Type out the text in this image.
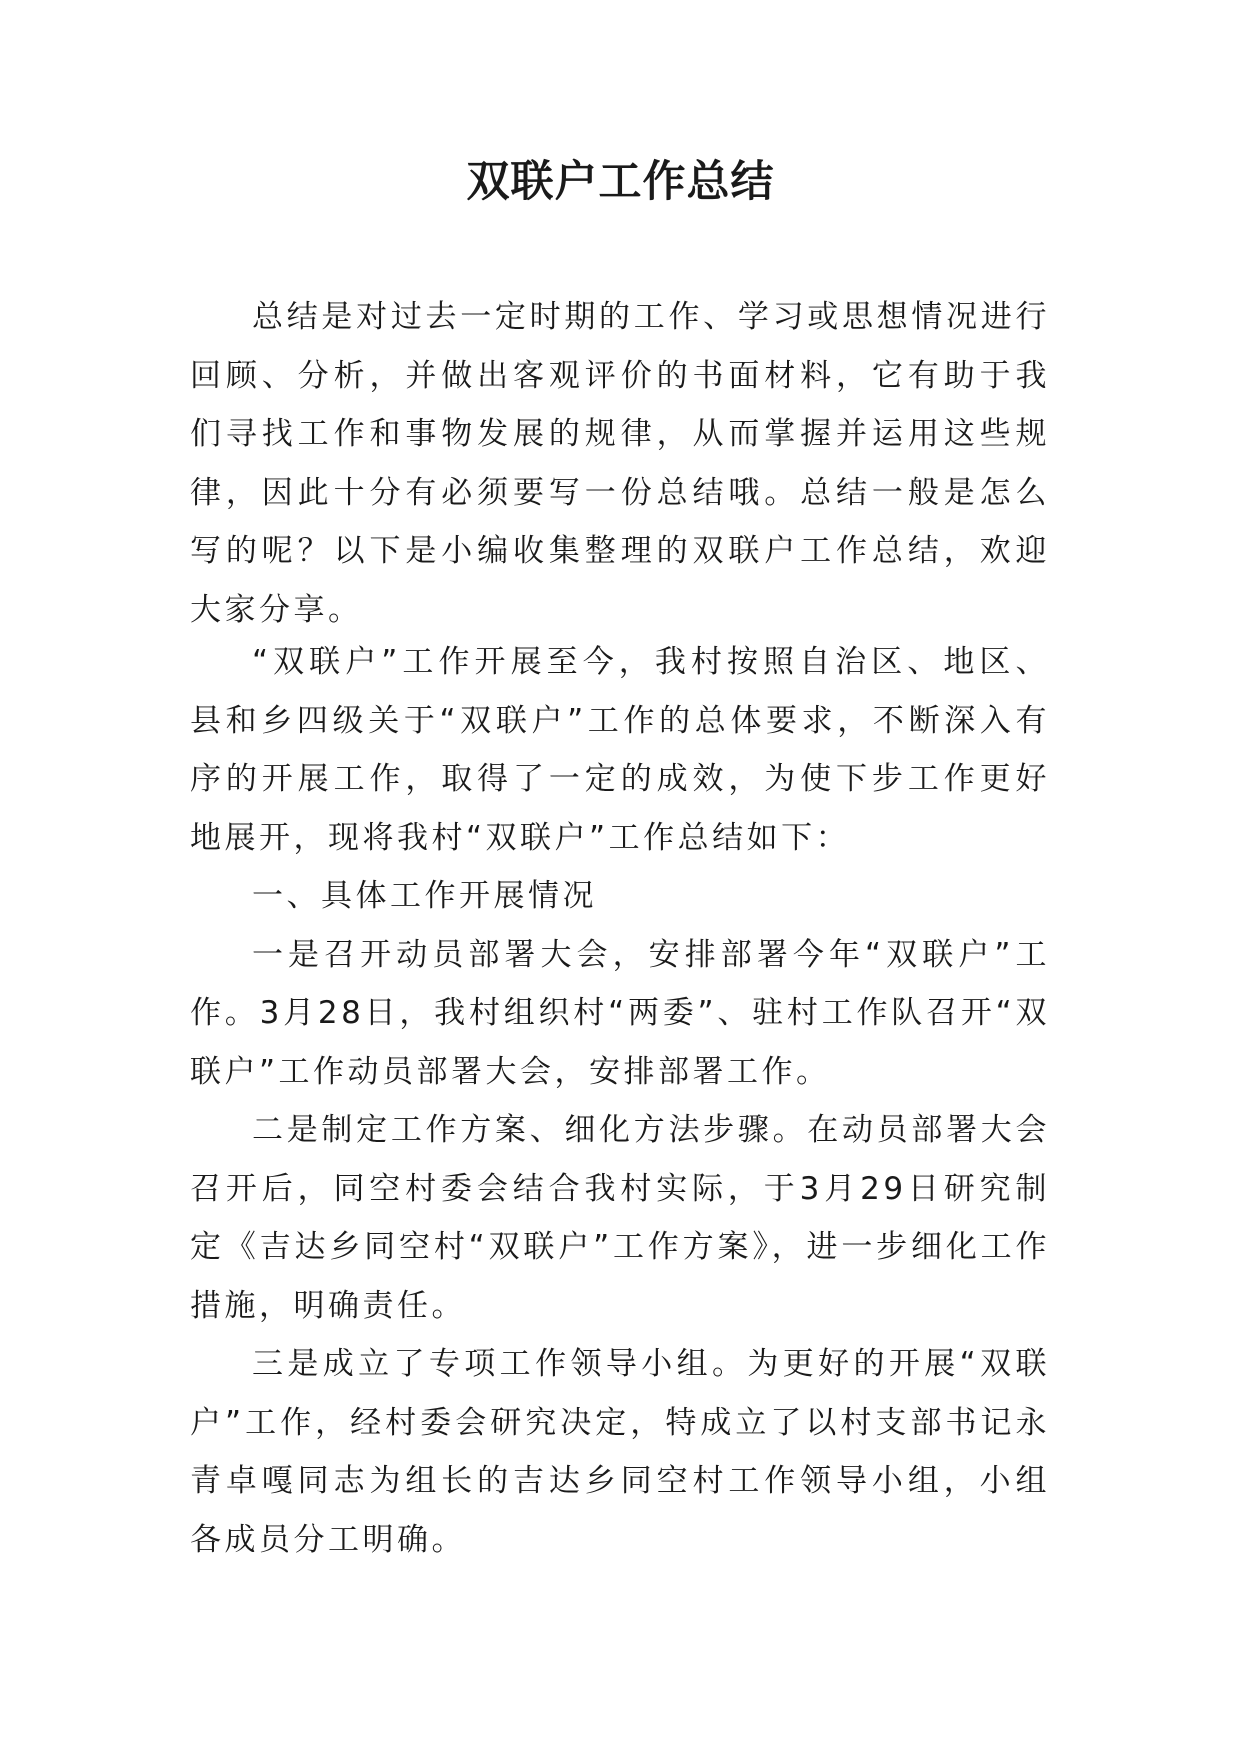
双联户工作总结

总结是对过去一定时期的工作、学习或思想情况进行回顾、分析，并做出客观评价的书面材料，它有助于我们寻找工作和事物发展的规律，从而掌握并运用这些规律，因此十分有必须要写一份总结哦。总结一般是怎么写的呢？以下是小编收集整理的双联户工作总结，欢迎大家分享。

“双联户”工作开展至今，我村按照自治区、地区、县和乡四级关于“双联户”工作的总体要求，不断深入有序的开展工作，取得了一定的成效，为使下步工作更好地展开，现将我村“双联户”工作总结如下：

一、具体工作开展情况

一是召开动员部署大会，安排部署今年“双联户”工作。3月28日，我村组织村“两委”、驻村工作队召开“双联户”工作动员部署大会，安排部署工作。

二是制定工作方案、细化方法步骤。在动员部署大会召开后，同空村委会结合我村实际，于3月29日研究制定《吉达乡同空村“双联户”工作方案》，进一步细化工作措施，明确责任。

三是成立了专项工作领导小组。为更好的开展“双联户”工作，经村委会研究决定，特成立了以村支部书记永青卓嘎同志为组长的吉达乡同空村工作领导小组，小组各成员分工明确。
